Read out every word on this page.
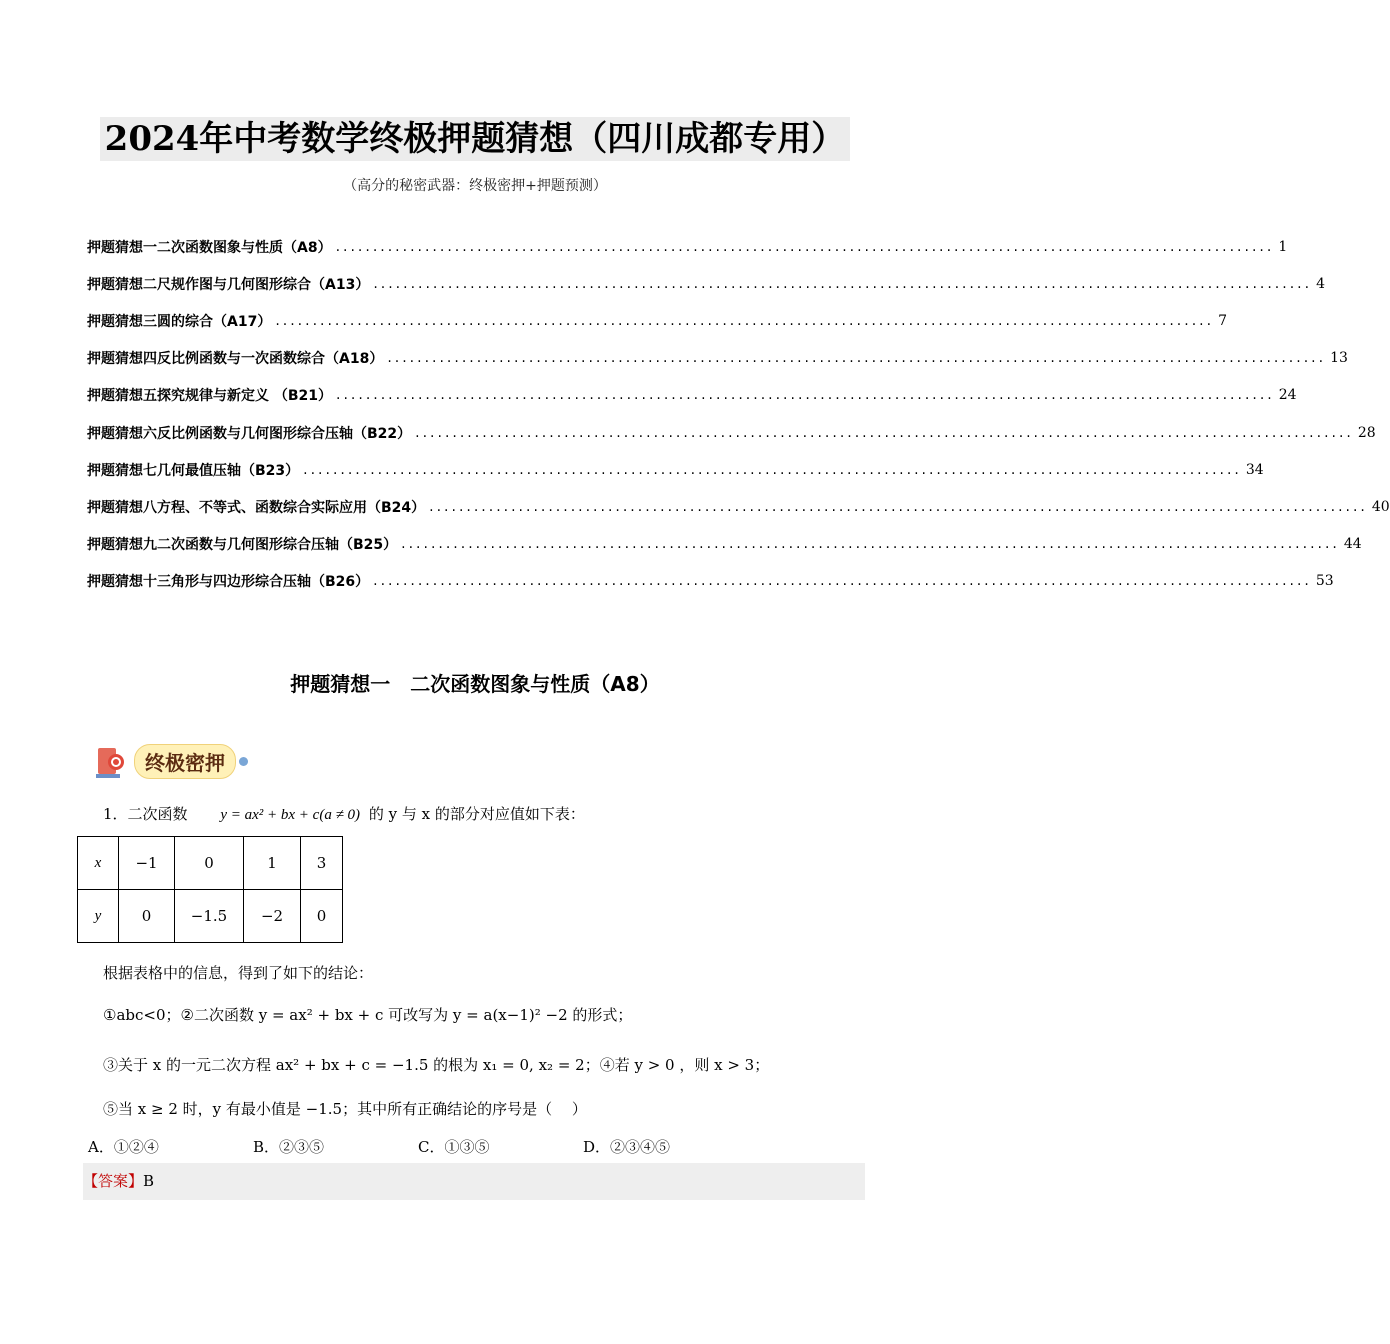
2024年中考数学终极押题猜想（四川成都专用）
（高分的秘密武器：终极密押+押题预测）
押题猜想一 二次函数图象与性质（A8） .............................................................................................................................. 1
押题猜想二 尺规作图与几何图形综合（A13） .............................................................................................................................. 4
押题猜想三 圆的综合（A17） .............................................................................................................................. 7
押题猜想四 反比例函数与一次函数综合（A18） .............................................................................................................................. 13
押题猜想五 探究规律与新定义 （B21） .............................................................................................................................. 24
押题猜想六 反比例函数与几何图形综合压轴（B22） .............................................................................................................................. 28
押题猜想七 几何最值压轴（B23） .............................................................................................................................. 34
押题猜想八 方程、不等式、函数综合实际应用（B24） .............................................................................................................................. 40
押题猜想九 二次函数与几何图形综合压轴（B25） .............................................................................................................................. 44
押题猜想十 三角形与四边形综合压轴（B26） .............................................................................................................................. 53
押题猜想一　二次函数图象与性质（A8）
终极密押
1．二次函数 y = ax² + bx + c(a ≠ 0) 的 y 与 x 的部分对应值如下表：
x	−1	0	1	3
y	0	−1.5	−2	0
根据表格中的信息，得到了如下的结论：
①abc<0；②二次函数 y = ax² + bx + c 可改写为 y = a(x−1)² −2 的形式；
③关于 x 的一元二次方程 ax² + bx + c = −1.5 的根为 x₁ = 0, x₂ = 2；④若 y > 0 ，则 x > 3；
⑤当 x ≥ 2 时，y 有最小值是 −1.5；其中所有正确结论的序号是（　 ）
A．①②④	B．②③⑤	C．①③⑤	D．②③④⑤
【答案】B
